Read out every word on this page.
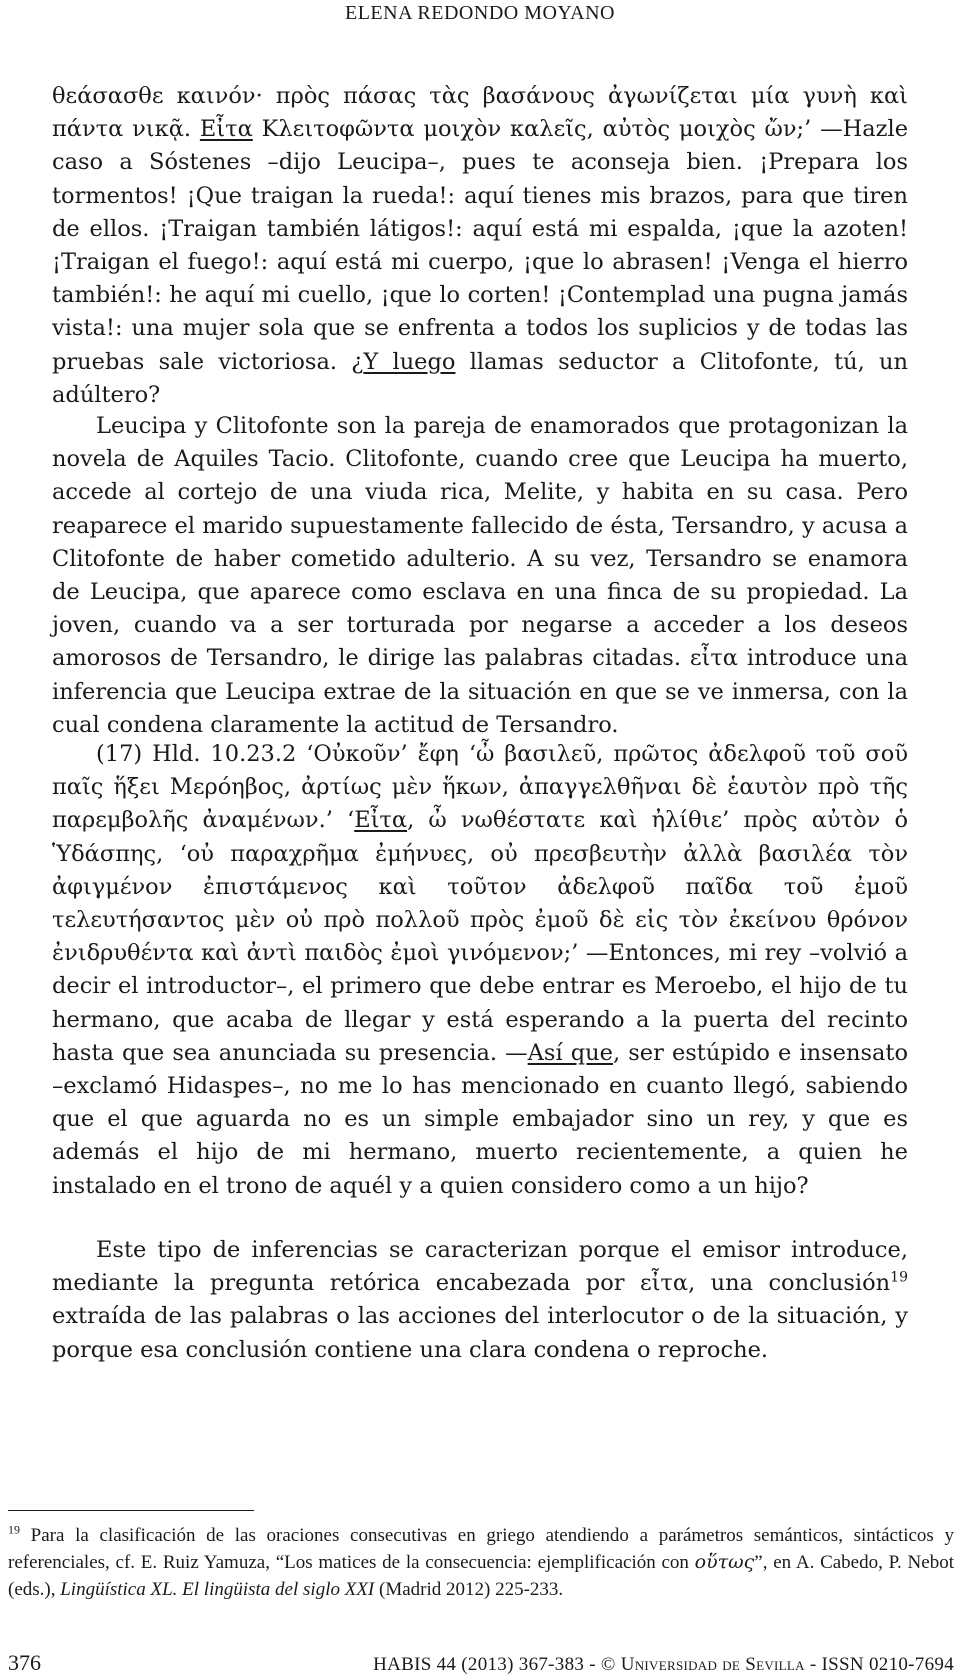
ELENA REDONDO MOYANO

θεάσασθε καινόν· πρὸς πάσας τὰς βασάνους ἀγωνίζεται μία γυνὴ καὶ πάντα νικᾷ. Εἶτα Κλειτοφῶντα μοιχὸν καλεῖς, αὐτὸς μοιχὸς ὤν;’ —Hazle caso a Sóstenes –dijo Leucipa–, pues te aconseja bien. ¡Prepara los tormentos! ¡Que traigan la rueda!: aquí tienes mis brazos, para que tiren de ellos. ¡Traigan también látigos!: aquí está mi espalda, ¡que la azoten! ¡Traigan el fuego!: aquí está mi cuerpo, ¡que lo abrasen! ¡Venga el hierro también!: he aquí mi cuello, ¡que lo corten! ¡Contemplad una pugna jamás vista!: una mujer sola que se enfrenta a todos los suplicios y de todas las pruebas sale victoriosa. ¿Y luego llamas seductor a Clitofonte, tú, un adúltero?

Leucipa y Clitofonte son la pareja de enamorados que protagonizan la novela de Aquiles Tacio. Clitofonte, cuando cree que Leucipa ha muerto, accede al cortejo de una viuda rica, Melite, y habita en su casa. Pero reaparece el marido supuestamente fallecido de ésta, Tersandro, y acusa a Clitofonte de haber cometido adulterio. A su vez, Tersandro se enamora de Leucipa, que aparece como esclava en una finca de su propiedad. La joven, cuando va a ser torturada por negarse a acceder a los deseos amorosos de Tersandro, le dirige las palabras citadas. εἶτα introduce una inferencia que Leucipa extrae de la situación en que se ve inmersa, con la cual condena claramente la actitud de Tersandro.

(17) Hld. 10.23.2 ‘Οὐκοῦν’ ἔφη ‘ὦ βασιλεῦ, πρῶτος ἀδελφοῦ τοῦ σοῦ παῖς ἥξει Μερόηβος, ἀρτίως μὲν ἥκων, ἀπαγγελθῆναι δὲ ἑαυτὸν πρὸ τῆς παρεμβολῆς ἀναμένων.’ ‘Εἶτα, ὦ νωθέστατε καὶ ἠλίθιε’ πρὸς αὐτὸν ὁ Ὑδάσπης, ‘οὐ παραχρῆμα ἐμήνυες, οὐ πρεσβευτὴν ἀλλὰ βασιλέα τὸν ἀφιγμένον ἐπιστάμενος καὶ τοῦτον ἀδελφοῦ παῖδα τοῦ ἐμοῦ τελευτήσαντος μὲν οὐ πρὸ πολλοῦ πρὸς ἐμοῦ δὲ εἰς τὸν ἐκείνου θρόνον ἐνιδρυθέντα καὶ ἀντὶ παιδὸς ἐμοὶ γινόμενον;’ —Entonces, mi rey –volvió a decir el introductor–, el primero que debe entrar es Meroebo, el hijo de tu hermano, que acaba de llegar y está esperando a la puerta del recinto hasta que sea anunciada su presencia. —Así que, ser estúpido e insensato –exclamó Hidaspes–, no me lo has mencionado en cuanto llegó, sabiendo que el que aguarda no es un simple embajador sino un rey, y que es además el hijo de mi hermano, muerto recientemente, a quien he instalado en el trono de aquél y a quien considero como a un hijo?

Este tipo de inferencias se caracterizan porque el emisor introduce, mediante la pregunta retórica encabezada por εἶτα, una conclusión$^{19}$ extraída de las palabras o las acciones del interlocutor o de la situación, y porque esa conclusión contiene una clara condena o reproche.

$^{19}$ Para la clasificación de las oraciones consecutivas en griego atendiendo a parámetros semánticos, sintácticos y referenciales, cf. E. Ruiz Yamuza, “Los matices de la consecuencia: ejemplificación con οὕτως”, en A. Cabedo, P. Nebot (eds.), Lingüística XL. El lingüista del siglo XXI (Madrid 2012) 225-233.

376	HABIS 44 (2013) 367-383 - © Universidad de Sevilla - ISSN 0210-7694
